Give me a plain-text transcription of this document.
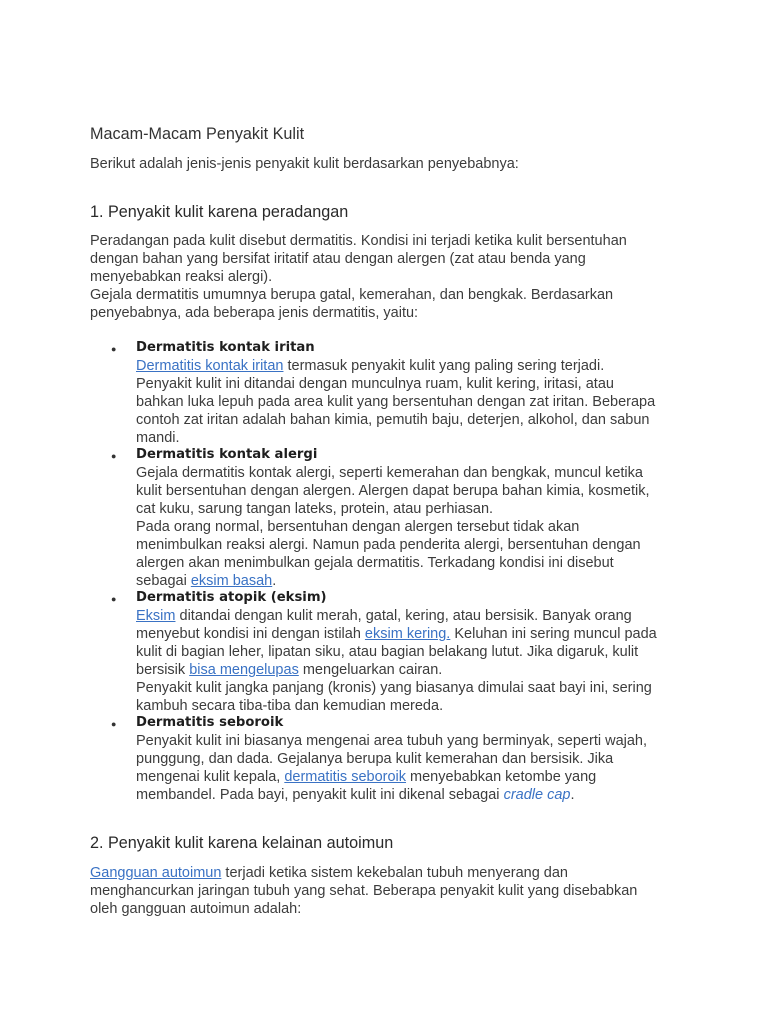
Macam-Macam Penyakit Kulit

Berikut adalah jenis-jenis penyakit kulit berdasarkan penyebabnya:

1. Penyakit kulit karena peradangan

Peradangan pada kulit disebut dermatitis. Kondisi ini terjadi ketika kulit bersentuhan

dengan bahan yang bersifat iritatif atau dengan alergen (zat atau benda yang

menyebabkan reaksi alergi).

Gejala dermatitis umumnya berupa gatal, kemerahan, dan bengkak. Berdasarkan

penyebabnya, ada beberapa jenis dermatitis, yaitu:

● Dermatitis kontak iritan

Dermatitis kontak iritan termasuk penyakit kulit yang paling sering terjadi.

Penyakit kulit ini ditandai dengan munculnya ruam, kulit kering, iritasi, atau

bahkan luka lepuh pada area kulit yang bersentuhan dengan zat iritan. Beberapa

contoh zat iritan adalah bahan kimia, pemutih baju, deterjen, alkohol, dan sabun

mandi.

● Dermatitis kontak alergi

Gejala dermatitis kontak alergi, seperti kemerahan dan bengkak, muncul ketika

kulit bersentuhan dengan alergen. Alergen dapat berupa bahan kimia, kosmetik,

cat kuku, sarung tangan lateks, protein, atau perhiasan.

Pada orang normal, bersentuhan dengan alergen tersebut tidak akan

menimbulkan reaksi alergi. Namun pada penderita alergi, bersentuhan dengan

alergen akan menimbulkan gejala dermatitis. Terkadang kondisi ini disebut

sebagai eksim basah.

● Dermatitis atopik (eksim)

Eksim ditandai dengan kulit merah, gatal, kering, atau bersisik. Banyak orang

menyebut kondisi ini dengan istilah eksim kering. Keluhan ini sering muncul pada

kulit di bagian leher, lipatan siku, atau bagian belakang lutut. Jika digaruk, kulit

bersisik bisa mengelupas mengeluarkan cairan.

Penyakit kulit jangka panjang (kronis) yang biasanya dimulai saat bayi ini, sering

kambuh secara tiba-tiba dan kemudian mereda.

● Dermatitis seboroik

Penyakit kulit ini biasanya mengenai area tubuh yang berminyak, seperti wajah,

punggung, dan dada. Gejalanya berupa kulit kemerahan dan bersisik. Jika

mengenai kulit kepala, dermatitis seboroik menyebabkan ketombe yang

membandel. Pada bayi, penyakit kulit ini dikenal sebagai cradle cap.

2. Penyakit kulit karena kelainan autoimun

Gangguan autoimun terjadi ketika sistem kekebalan tubuh menyerang dan

menghancurkan jaringan tubuh yang sehat. Beberapa penyakit kulit yang disebabkan

oleh gangguan autoimun adalah:
